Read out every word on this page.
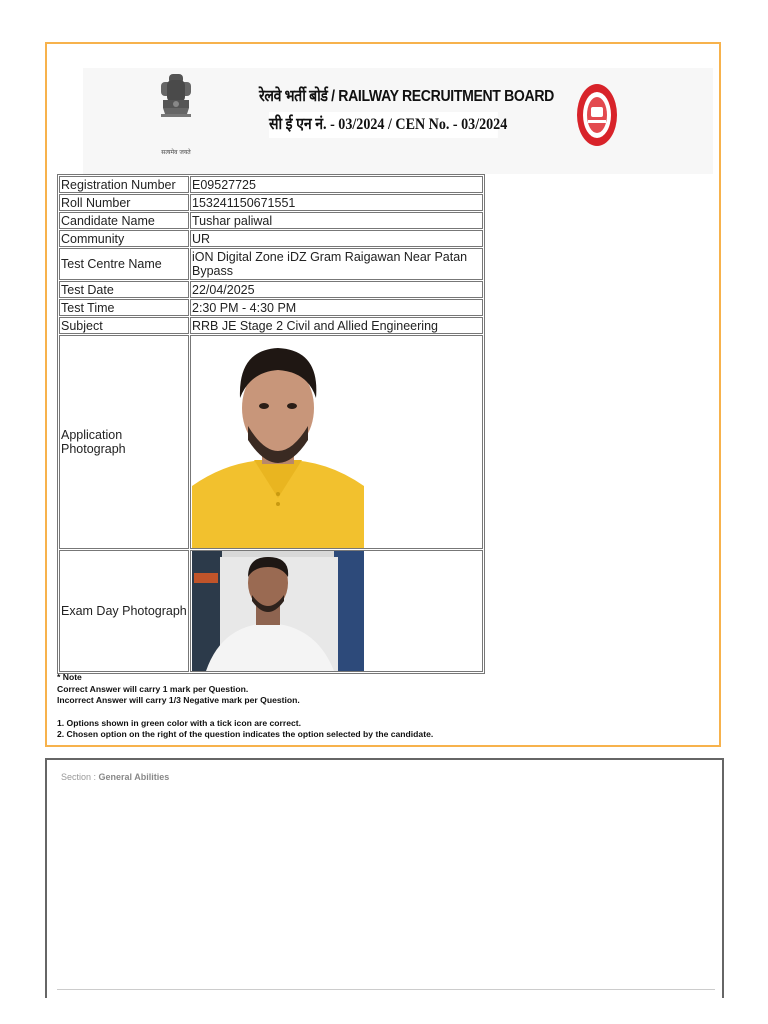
सत्यमेव जयते
रेलवे भर्ती बोर्ड / RAILWAY RECRUITMENT BOARD
सी ई एन नं. - 03/2024 / CEN No. - 03/2024
Registration Number	E09527725
Roll Number	153241150671551
Candidate Name	Tushar paliwal
Community	UR
Test Centre Name	iON Digital Zone iDZ Gram Raigawan Near Patan Bypass
Test Date	22/04/2025
Test Time	2:30 PM - 4:30 PM
Subject	RRB JE Stage 2 Civil and Allied Engineering
Application Photograph	

Exam Day Photograph	

* Note

Correct Answer will carry 1 mark per Question.

Incorrect Answer will carry 1/3 Negative mark per Question.

1. Options shown in green color with a tick icon are correct.

2. Chosen option on the right of the question indicates the option selected by the candidate.

Section : General Abilities
